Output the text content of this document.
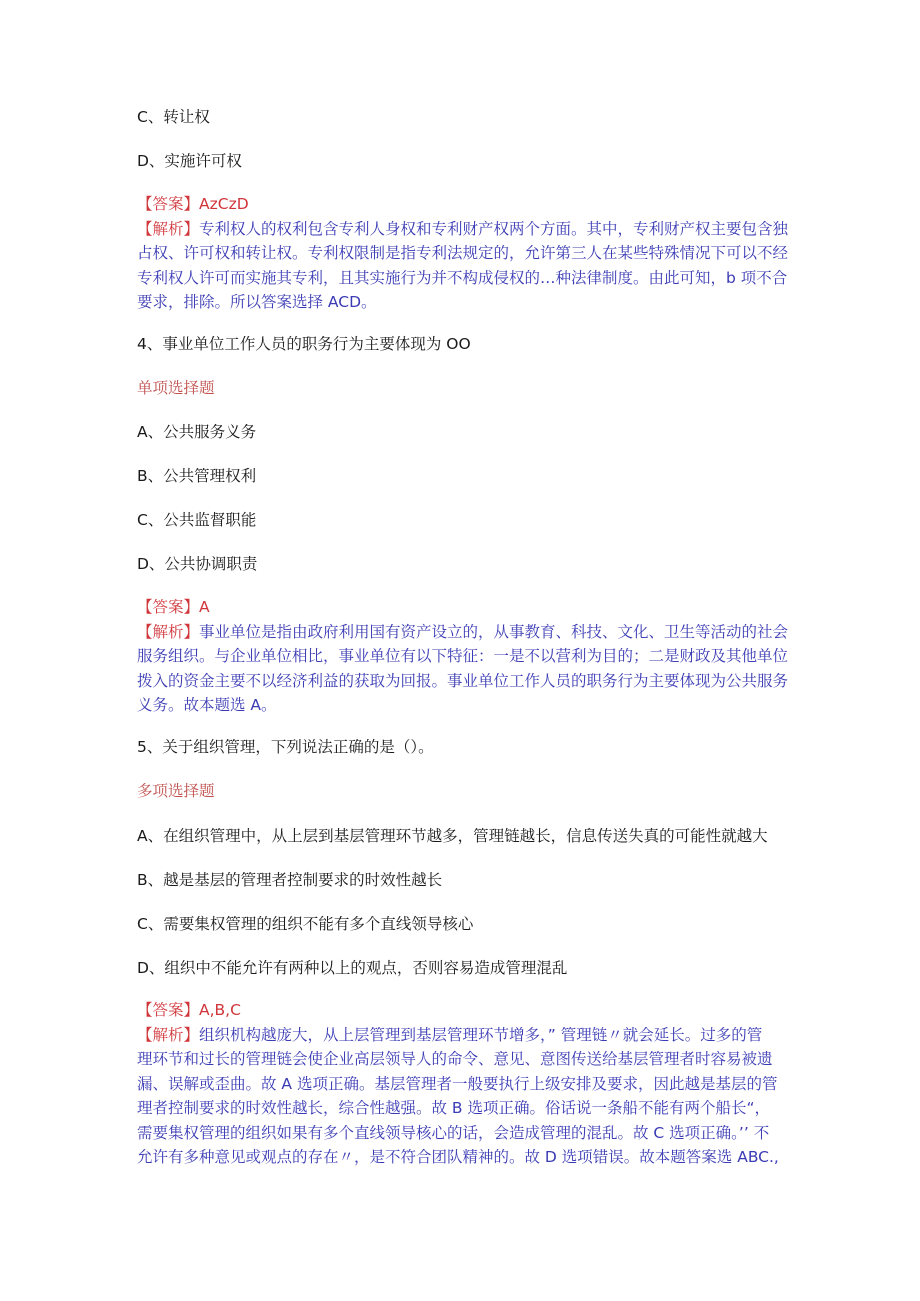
C、转让权
D、实施许可权
【答案】AzCzD
【解析】专利权人的权利包含专利人身权和专利财产权两个方面。其中，专利财产权主要包含独
占权、许可权和转让权。专利权限制是指专利法规定的，允许第三人在某些特殊情况下可以不经
专利权人许可而实施其专利，且其实施行为并不构成侵权的…种法律制度。由此可知，b 项不合
要求，排除。所以答案选择 ACD。
4、事业单位工作人员的职务行为主要体现为 OO
单项选择题
A、公共服务义务
B、公共管理权利
C、公共监督职能
D、公共协调职责
【答案】A
【解析】事业单位是指由政府利用国有资产设立的，从事教育、科技、文化、卫生等活动的社会
服务组织。与企业单位相比，事业单位有以下特征：一是不以营利为目的；二是财政及其他单位
拨入的资金主要不以经济利益的获取为回报。事业单位工作人员的职务行为主要体现为公共服务
义务。故本题选 A。
5、关于组织管理，下列说法正确的是（）。
多项选择题
A、在组织管理中，从上层到基层管理环节越多，管理链越长，信息传送失真的可能性就越大
B、越是基层的管理者控制要求的时效性越长
C、需要集权管理的组织不能有多个直线领导核心
D、组织中不能允许有两种以上的观点，否则容易造成管理混乱
【答案】A,B,C
【解析】组织机构越庞大，从上层管理到基层管理环节增多，” 管理链〃就会延长。过多的管
理环节和过长的管理链会使企业高层领导人的命令、意见、意图传送给基层管理者时容易被遗
漏、误解或歪曲。故 A 选项正确。基层管理者一般要执行上级安排及要求，因此越是基层的管
理者控制要求的时效性越长，综合性越强。故 B 选项正确。俗话说一条船不能有两个船长“，
需要集权管理的组织如果有多个直线领导核心的话，会造成管理的混乱。故 C 选项正确。’’ 不
允许有多种意见或观点的存在〃，是不符合团队精神的。故 D 选项错误。故本题答案选 ABC.,
